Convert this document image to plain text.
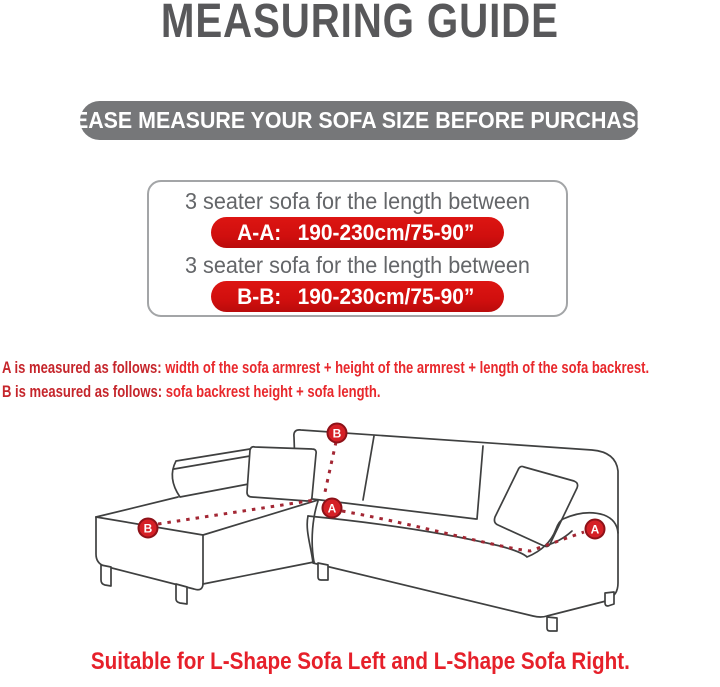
MEASURING GUIDE
PLEASE MEASURE YOUR SOFA SIZE BEFORE PURCHASING
3 seater sofa for the length between
A-A: 190-230cm/75-90”
3 seater sofa for the length between
B-B: 190-230cm/75-90”
A is measured as follows: width of the sofa armrest + height of the armrest + length of the sofa backrest.
B is measured as follows: sofa backrest height + sofa length.
B
A
B	A
Suitable for L-Shape Sofa Left and L-Shape Sofa Right.
